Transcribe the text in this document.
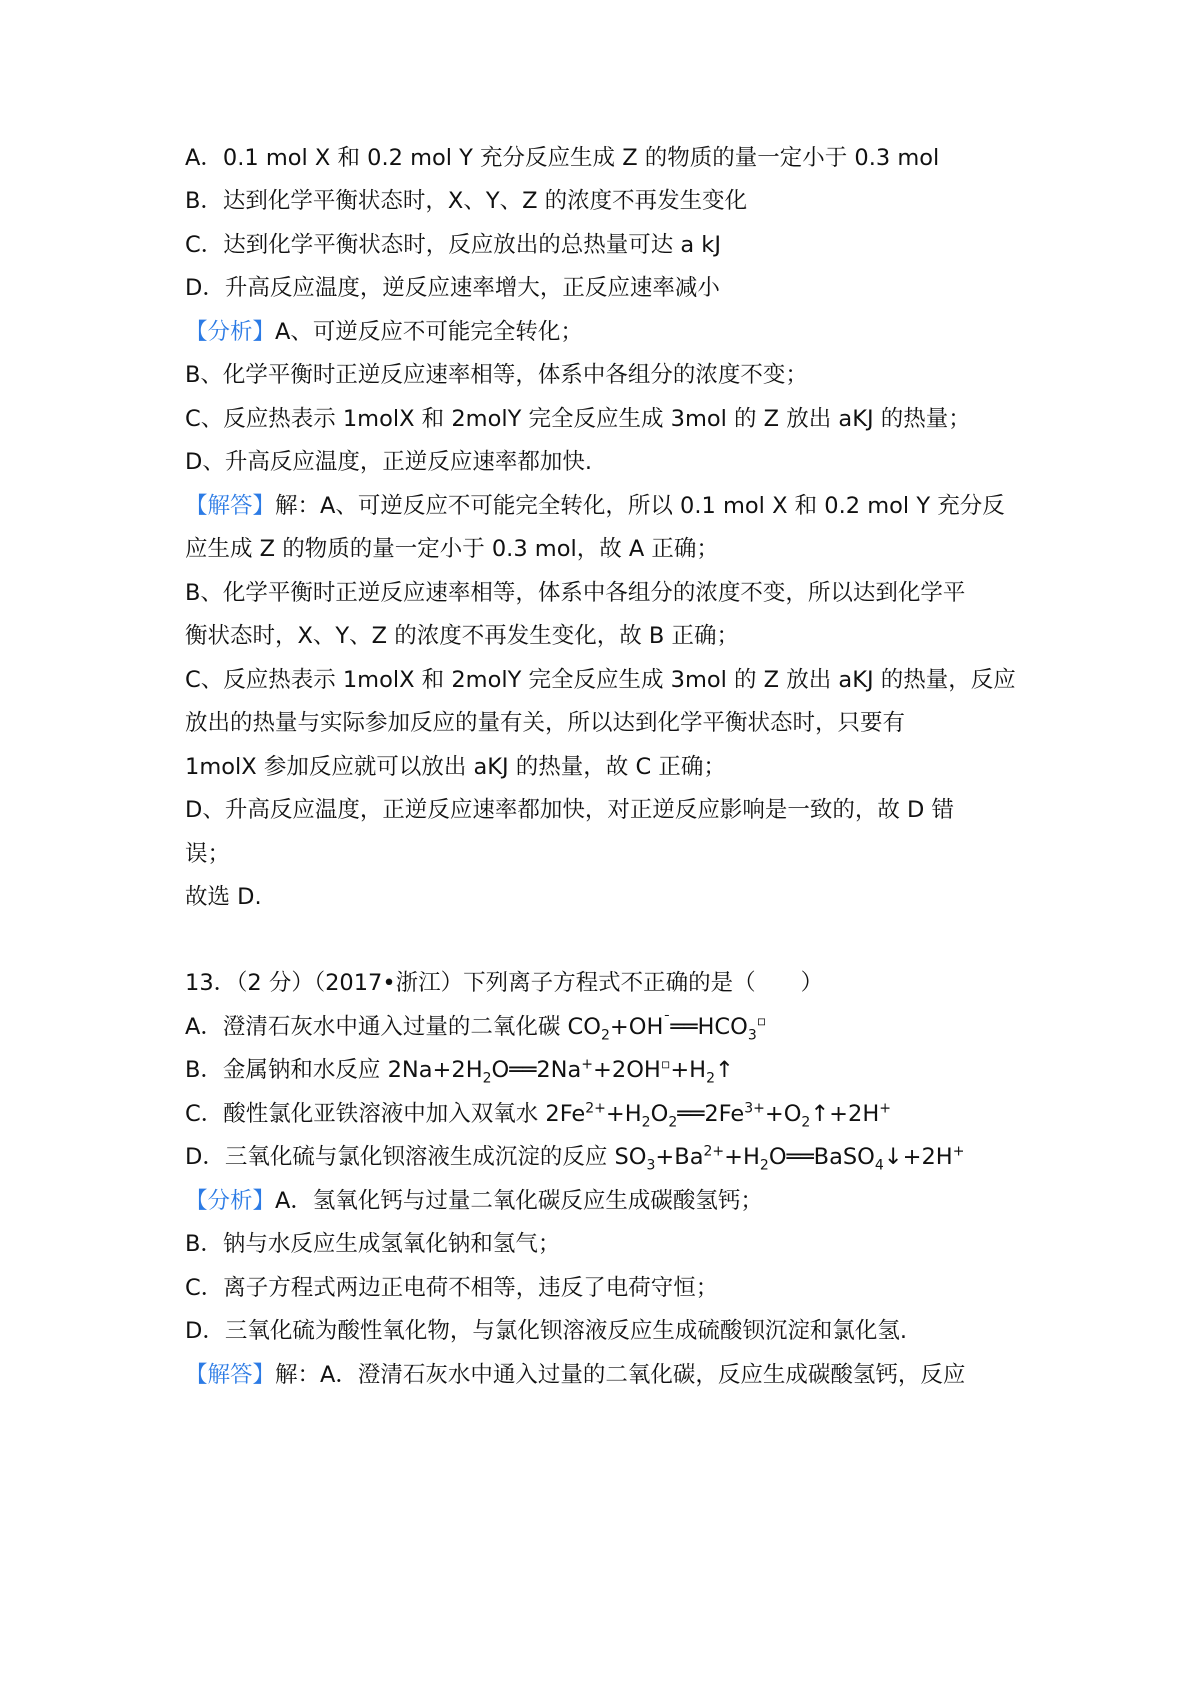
A．0.1 mol X 和 0.2 mol Y 充分反应生成 Z 的物质的量一定小于 0.3 mol
B．达到化学平衡状态时，X、Y、Z 的浓度不再发生变化
C．达到化学平衡状态时，反应放出的总热量可达 a kJ
D．升高反应温度，逆反应速率增大，正反应速率减小
【分析】A、可逆反应不可能完全转化；
B、化学平衡时正逆反应速率相等，体系中各组分的浓度不变；
C、反应热表示 1molX 和 2molY 完全反应生成 3mol 的 Z 放出 aKJ 的热量；
D、升高反应温度，正逆反应速率都加快.
【解答】解：A、可逆反应不可能完全转化，所以 0.1 mol X 和 0.2 mol Y 充分反
应生成 Z 的物质的量一定小于 0.3 mol，故 A 正确；
B、化学平衡时正逆反应速率相等，体系中各组分的浓度不变，所以达到化学平
衡状态时，X、Y、Z 的浓度不再发生变化，故 B 正确；
C、反应热表示 1molX 和 2molY 完全反应生成 3mol 的 Z 放出 aKJ 的热量，反应
放出的热量与实际参加反应的量有关，所以达到化学平衡状态时，只要有
1molX 参加反应就可以放出 aKJ 的热量，故 C 正确；
D、升高反应温度，正逆反应速率都加快，对正逆反应影响是一致的，故 D 错
误；
故选 D.
13．（2 分）（2017•浙江）下列离子方程式不正确的是（　　）
A．澄清石灰水中通入过量的二氧化碳 $CO_2+OH^¯══HCO_3^▫$
B．金属钠和水反应 $2Na+2H_2O══2Na^++2OH^▫+H_2↑$
C．酸性氯化亚铁溶液中加入双氧水 $2Fe^{2+}+H_2O_2══2Fe^{3+}+O_2↑+2H^+$
D．三氧化硫与氯化钡溶液生成沉淀的反应 $SO_3+Ba^{2+}+H_2O══BaSO_4↓+2H^+$
【分析】A．氢氧化钙与过量二氧化碳反应生成碳酸氢钙；
B．钠与水反应生成氢氧化钠和氢气；
C．离子方程式两边正电荷不相等，违反了电荷守恒；
D．三氧化硫为酸性氧化物，与氯化钡溶液反应生成硫酸钡沉淀和氯化氢.
【解答】解：A．澄清石灰水中通入过量的二氧化碳，反应生成碳酸氢钙，反应
